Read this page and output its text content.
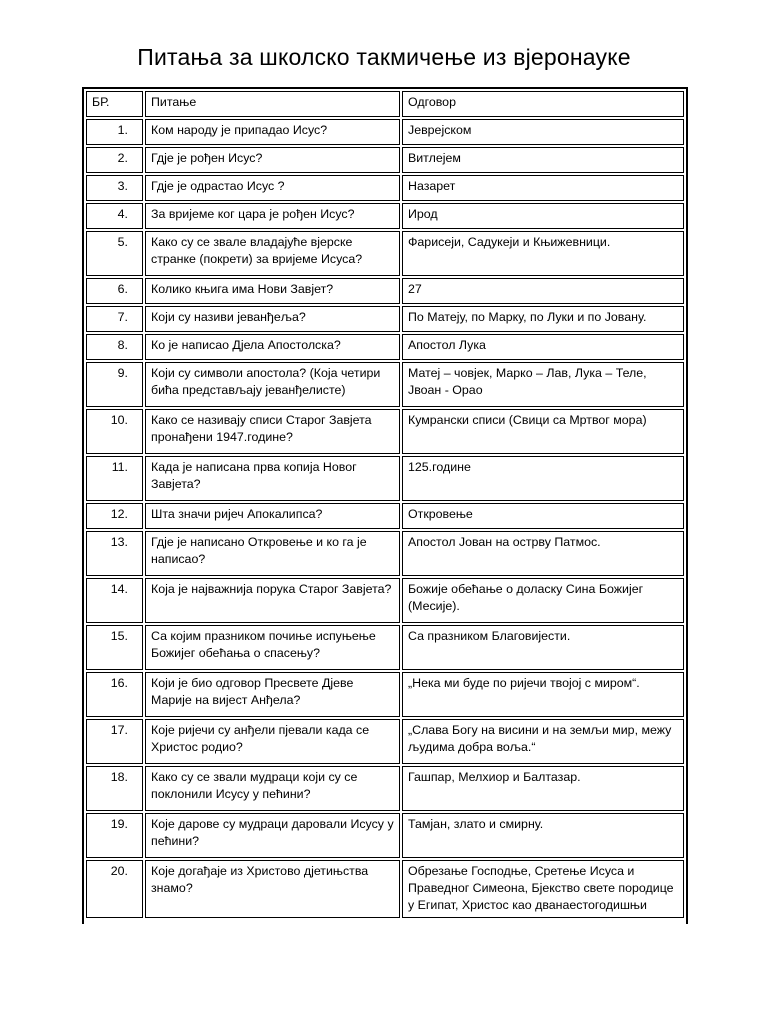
Питања за школско такмичење из вјеронауке
БР.	Питање	Одговор
1.	Ком народу је припадао Исус?	Јеврејском
2.	Гдје је рођен Исус?	Витлејем
3.	Гдје је одрастао Исус ?	Назарет
4.	За вријеме ког цара је рођен Исус?	Ирод
5.	Како су се звале владајуће вјерске странке (покрети) за вријеме Исуса?	Фарисеји, Садукеји и Књижевници.
6.	Колико књига има Нови Завјет?	27
7.	Који су називи јеванђеља?	По Матеју, по Марку, по Луки и по Јовану.
8.	Ко је написао Дјела Апостолска?	Апостол Лука
9.	Који су символи апостола? (Која четири бића представљају јеванђелисте)	Матеј – човјек, Марко – Лав, Лука – Теле, Јвоан - Орао
10.	Како се називају списи Старог Завјета пронађени 1947.године?	Кумрански списи (Свици са Мртвог мора)
11.	Када је написана прва копија Новог Завјета?	125.године
12.	Шта значи ријеч Апокалипса?	Откровење
13.	Гдје је написано Откровење и ко га је написао?	Апостол Јован на острву Патмос.
14.	Која је најважнија порука Старог Завјета?	Божије обећање о доласку Сина Божијег (Месије).
15.	Са којим празником почиње испуњење Божијег обећања о спасењу?	Са празником Благовијести.
16.	Који је био одговор Пресвете Дјеве Марије на виjест Анђела?	„Нека ми буде по ријечи твојој с миром“.
17.	Које ријечи су анђели пјевали када се Христос родио?	„Слава Богу на висини и на земљи мир, межу људима добра воља.“
18.	Како су се звали мудраци који су се поклонили Исусу у пећини?	Гашпар, Мелхиор и Балтазар.
19.	Које дарове су мудраци даровали Исусу у пећини?	Тамјан, злато и смирну.
20.	Које догађаје из Христово дјетињства знамо?	Обрезање Господње, Сретење Исуса и Праведног Симеона, Бјекство свете породице у Египат, Христос као дванаестогодишњи
